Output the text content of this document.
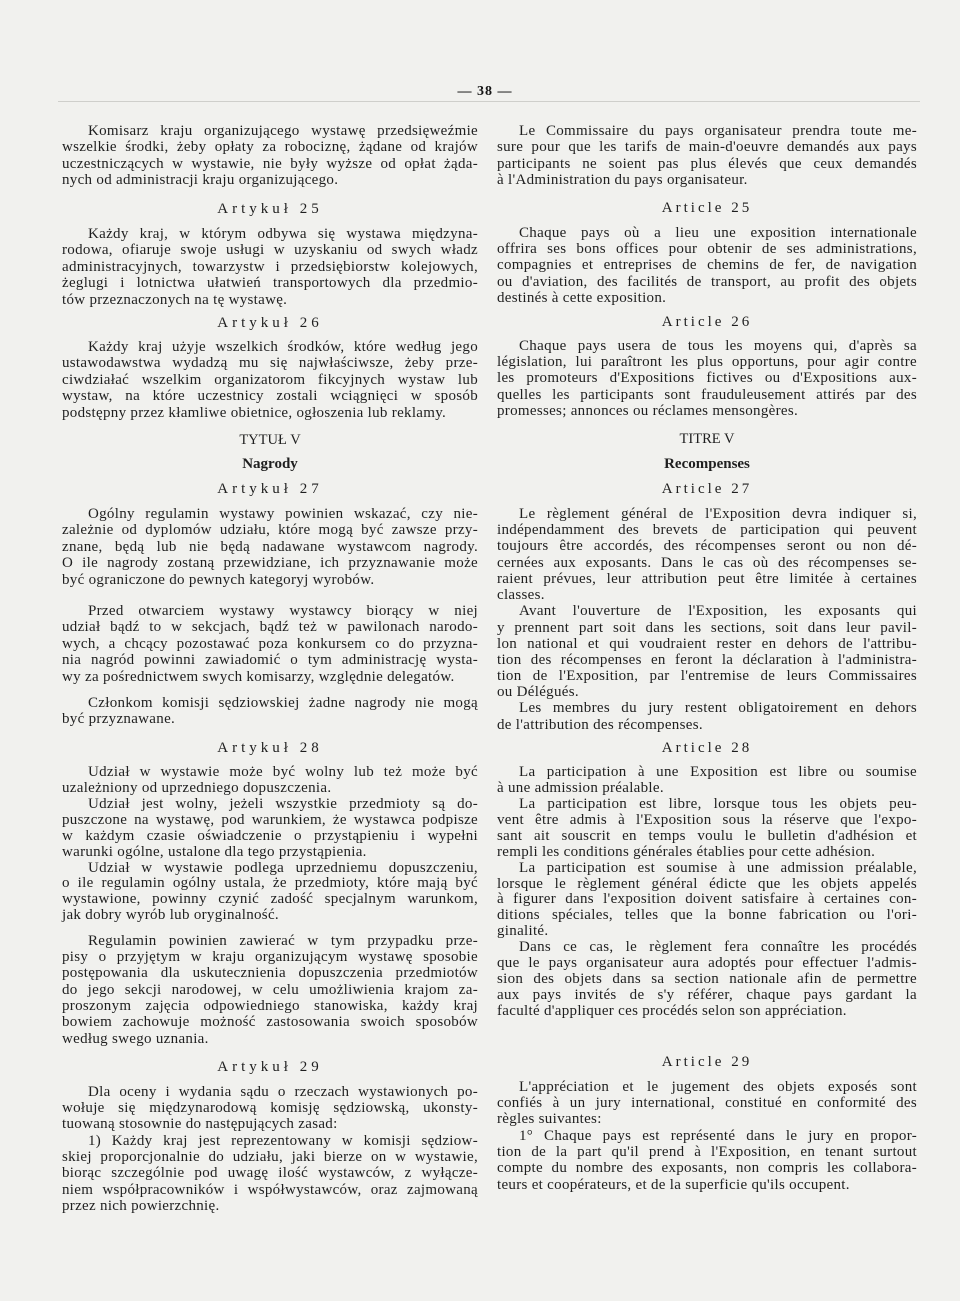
— 38 —
Komisarz kraju organizującego wystawę przedsięweźmie
wszelkie środki, żeby opłaty za robociznę, żądane od krajów
uczestniczących w wystawie, nie były wyższe od opłat żąda-
nych od administracji kraju organizującego.
Artykuł 25
Każdy kraj, w którym odbywa się wystawa międzyna-
rodowa, ofiaruje swoje usługi w uzyskaniu od swych władz
administracyjnych, towarzystw i przedsiębiorstw kolejowych,
żeglugi i lotnictwa ułatwień transportowych dla przedmio-
tów przeznaczonych na tę wystawę.
Artykuł 26
Każdy kraj użyje wszelkich środków, które według jego
ustawodawstwa wydadzą mu się najwłaściwsze, żeby prze-
ciwdziałać wszelkim organizatorom fikcyjnych wystaw lub
wystaw, na które uczestnicy zostali wciągnięci w sposób
podstępny przez kłamliwe obietnice, ogłoszenia lub reklamy.
TYTUŁ V
Nagrody
Artykuł 27
Ogólny regulamin wystawy powinien wskazać, czy nie-
zależnie od dyplomów udziału, które mogą być zawsze przy-
znane, będą lub nie będą nadawane wystawcom nagrody.
O ile nagrody zostaną przewidziane, ich przyznawanie może
być ograniczone do pewnych kategoryj wyrobów.
Przed otwarciem wystawy wystawcy biorący w niej
udział bądź to w sekcjach, bądź też w pawilonach narodo-
wych, a chcący pozostawać poza konkursem co do przyzna-
nia nagród powinni zawiadomić o tym administrację wysta-
wy za pośrednictwem swych komisarzy, względnie delegatów.
Członkom komisji sędziowskiej żadne nagrody nie mogą
być przyznawane.
Artykuł 28
Udział w wystawie może być wolny lub też może być
uzależniony od uprzedniego dopuszczenia.
Udział jest wolny, jeżeli wszystkie przedmioty są do-
puszczone na wystawę, pod warunkiem, że wystawca podpisze
w każdym czasie oświadczenie o przystąpieniu i wypełni
warunki ogólne, ustalone dla tego przystąpienia.
Udział w wystawie podlega uprzedniemu dopuszczeniu,
o ile regulamin ogólny ustala, że przedmioty, które mają być
wystawione, powinny czynić zadość specjalnym warunkom,
jak dobry wyrób lub oryginalność.
Regulamin powinien zawierać w tym przypadku prze-
pisy o przyjętym w kraju organizującym wystawę sposobie
postępowania dla uskutecznienia dopuszczenia przedmiotów
do jego sekcji narodowej, w celu umożliwienia krajom za-
proszonym zajęcia odpowiedniego stanowiska, każdy kraj
bowiem zachowuje możność zastosowania swoich sposobów
według swego uznania.
Artykuł 29
Dla oceny i wydania sądu o rzeczach wystawionych po-
wołuje się międzynarodową komisję sędziowską, ukonsty-
tuowaną stosownie do następujących zasad:
1) Każdy kraj jest reprezentowany w komisji sędziow-
skiej proporcjonalnie do udziału, jaki bierze on w wystawie,
biorąc szczególnie pod uwagę ilość wystawców, z wyłącze-
niem współpracowników i współwystawców, oraz zajmowaną
przez nich powierzchnię.
Le Commissaire du pays organisateur prendra toute me-
sure pour que les tarifs de main-d'oeuvre demandés aux pays
participants ne soient pas plus élevés que ceux demandés
à l'Administration du pays organisateur.
Article 25
Chaque pays où a lieu une exposition internationale
offrira ses bons offices pour obtenir de ses administrations,
compagnies et entreprises de chemins de fer, de navigation
ou d'aviation, des facilités de transport, au profit des objets
destinés à cette exposition.
Article 26
Chaque pays usera de tous les moyens qui, d'après sa
législation, lui paraîtront les plus opportuns, pour agir contre
les promoteurs d'Expositions fictives ou d'Expositions aux-
quelles les participants sont frauduleusement attirés par des
promesses; annonces ou réclames mensongères.
TITRE V
Recompenses
Article 27
Le règlement général de l'Exposition devra indiquer si,
indépendamment des brevets de participation qui peuvent
toujours être accordés, des récompenses seront ou non dé-
cernées aux exposants. Dans le cas où des récompenses se-
raient prévues, leur attribution peut être limitée à certaines
classes.
Avant l'ouverture de l'Exposition, les exposants qui
y prennent part soit dans les sections, soit dans leur pavil-
lon national et qui voudraient rester en dehors de l'attribu-
tion des récompenses en feront la déclaration à l'administra-
tion de l'Exposition, par l'entremise de leurs Commissaires
ou Délégués.
Les membres du jury restent obligatoirement en dehors
de l'attribution des récompenses.
Article 28
La participation à une Exposition est libre ou soumise
à une admission préalable.
La participation est libre, lorsque tous les objets peu-
vent être admis à l'Exposition sous la réserve que l'expo-
sant ait souscrit en temps voulu le bulletin d'adhésion et
rempli les conditions générales établies pour cette adhésion.
La participation est soumise à une admission préalable,
lorsque le règlement général édicte que les objets appelés
à figurer dans l'exposition doivent satisfaire à certaines con-
ditions spéciales, telles que la bonne fabrication ou l'ori-
ginalité.
Dans ce cas, le règlement fera connaître les procédés
que le pays organisateur aura adoptés pour effectuer l'admis-
sion des objets dans sa section nationale afin de permettre
aux pays invités de s'y référer, chaque pays gardant la
faculté d'appliquer ces procédés selon son appréciation.
Article 29
L'appréciation et le jugement des objets exposés sont
confiés à un jury international, constitué en conformité des
règles suivantes:
1° Chaque pays est représenté dans le jury en propor-
tion de la part qu'il prend à l'Exposition, en tenant surtout
compte du nombre des exposants, non compris les collabora-
teurs et coopérateurs, et de la superficie qu'ils occupent.
